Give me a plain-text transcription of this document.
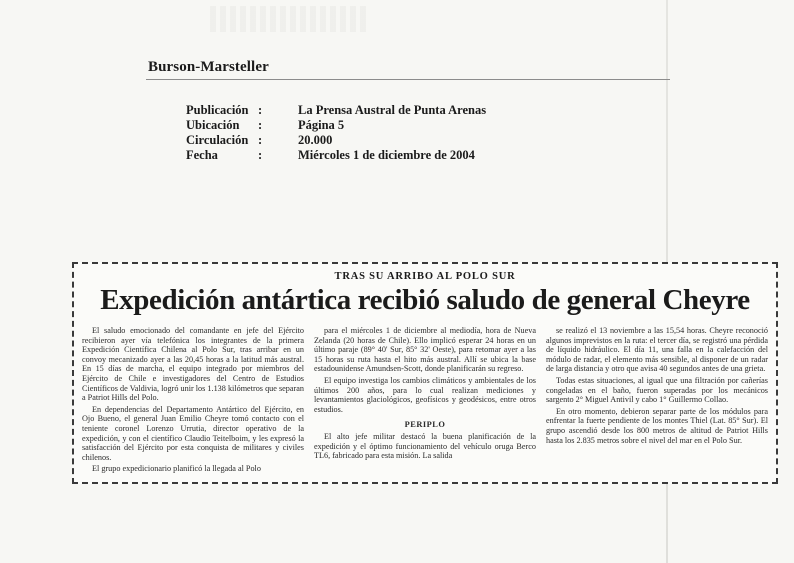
Burson-Marsteller
Publicación :	La Prensa Austral de Punta Arenas
Ubicación	:	Página 5
Circulación :	20.000
Fecha	:	Miércoles 1 de diciembre de 2004
TRAS SU ARRIBO AL POLO SUR
Expedición antártica recibió saludo de general Cheyre

El saludo emocionado del comandante en jefe del Ejército recibieron ayer vía telefónica los integrantes de la primera Expedición Científica Chilena al Polo Sur, tras arribar en un convoy mecanizado ayer a las 20,45 horas a la latitud más austral. En 15 días de marcha, el equipo integrado por miembros del Ejército de Chile e investigadores del Centro de Estudios Científicos de Valdivia, logró unir los 1.138 kilómetros que separan a Patriot Hills del Polo.

En dependencias del Departamento Antártico del Ejército, en Ojo Bueno, el general Juan Emilio Cheyre tomó contacto con el teniente coronel Lorenzo Urrutia, director operativo de la expedición, y con el científico Claudio Teitelboim, y les expresó la satisfacción del Ejército por esta conquista de militares y civiles chilenos.

El grupo expedicionario planificó la llegada al Polo

para el miércoles 1 de diciembre al mediodía, hora de Nueva Zelanda (20 horas de Chile). Ello implicó esperar 24 horas en un último paraje (89° 40' Sur, 85° 32' Oeste), para retomar ayer a las 15 horas su ruta hasta el hito más austral. Allí se ubica la base estadounidense Amundsen-Scott, donde planificarán su regreso.

El equipo investiga los cambios climáticos y ambientales de los últimos 200 años, para lo cual realizan mediciones y levantamientos glaciológicos, geofísicos y geodésicos, entre otros estudios.

PERIPLO

El alto jefe militar destacó la buena planificación de la expedición y el óptimo funcionamiento del vehículo oruga Berco TL6, fabricado para esta misión. La salida

se realizó el 13 noviembre a las 15,54 horas. Cheyre reconoció algunos imprevistos en la ruta: el tercer día, se registró una pérdida de líquido hidráulico. El día 11, una falla en la calefacción del módulo de radar, el elemento más sensible, al disponer de un radar de larga distancia y otro que avisa 40 segundos antes de una grieta.

Todas estas situaciones, al igual que una filtración por cañerías congeladas en el baño, fueron superadas por los mecánicos sargento 2° Miguel Antivil y cabo 1° Guillermo Collao.

En otro momento, debieron separar parte de los módulos para enfrentar la fuerte pendiente de los montes Thiel (Lat. 85° Sur). El grupo ascendió desde los 800 metros de altitud de Patriot Hills hasta los 2.835 metros sobre el nivel del mar en el Polo Sur.
